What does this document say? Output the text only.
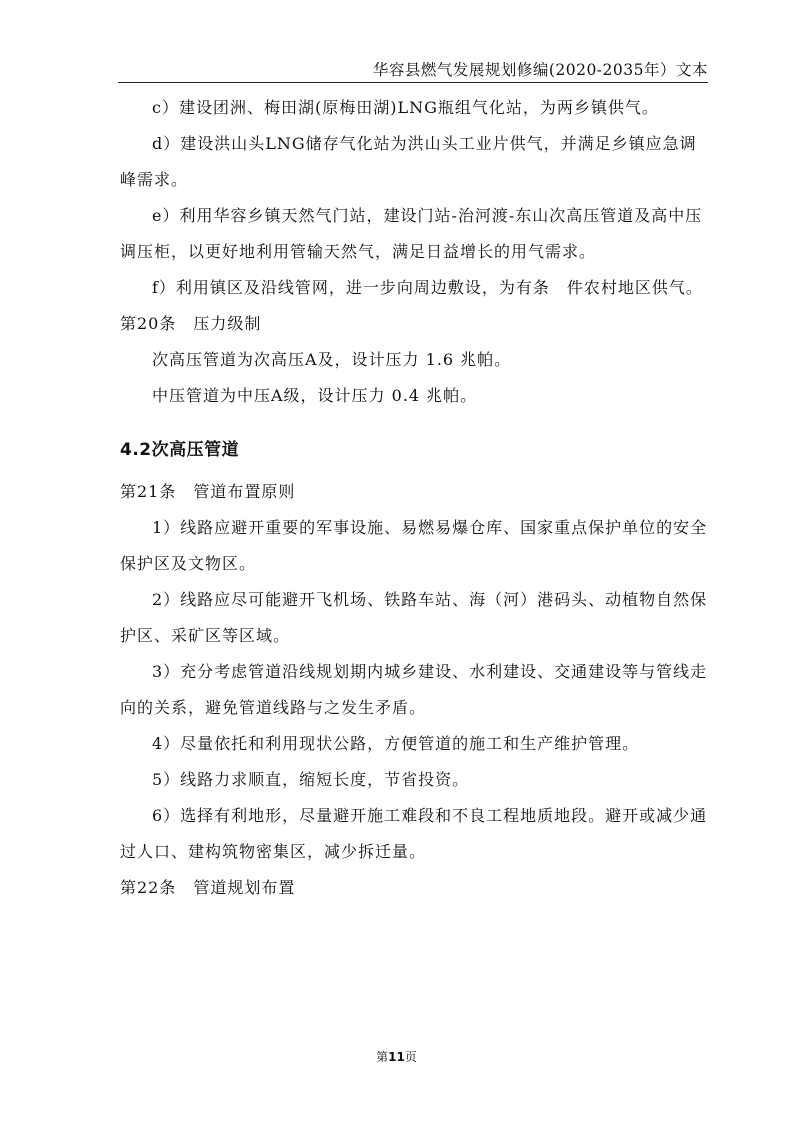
华容县燃气发展规划修编(2020-2035年）文本

c）建设团洲、梅田湖(原梅田湖)LNG瓶组气化站，为两乡镇供气。

d）建设洪山头LNG储存气化站为洪山头工业片供气，并满足乡镇应急调峰需求。

e）利用华容乡镇天然气门站，建设门站-治河渡-东山次高压管道及高中压调压柜，以更好地利用管输天然气，满足日益增长的用气需求。

f）利用镇区及沿线管网，进一步向周边敷设，为有条　件农村地区供气。

第20条　压力级制

次高压管道为次高压A及，设计压力 1.6 兆帕。

中压管道为中压A级，设计压力 0.4 兆帕。

4.2次高压管道

第21条　管道布置原则

1）线路应避开重要的军事设施、易燃易爆仓库、国家重点保护单位的安全保护区及文物区。

2）线路应尽可能避开飞机场、铁路车站、海（河）港码头、动植物自然保护区、采矿区等区域。

3）充分考虑管道沿线规划期内城乡建设、水利建设、交通建设等与管线走向的关系，避免管道线路与之发生矛盾。

4）尽量依托和利用现状公路，方便管道的施工和生产维护管理。

5）线路力求顺直，缩短长度，节省投资。

6）选择有利地形，尽量避开施工难段和不良工程地质地段。避开或减少通过人口、建构筑物密集区，减少拆迁量。

第22条　管道规划布置

第11页
